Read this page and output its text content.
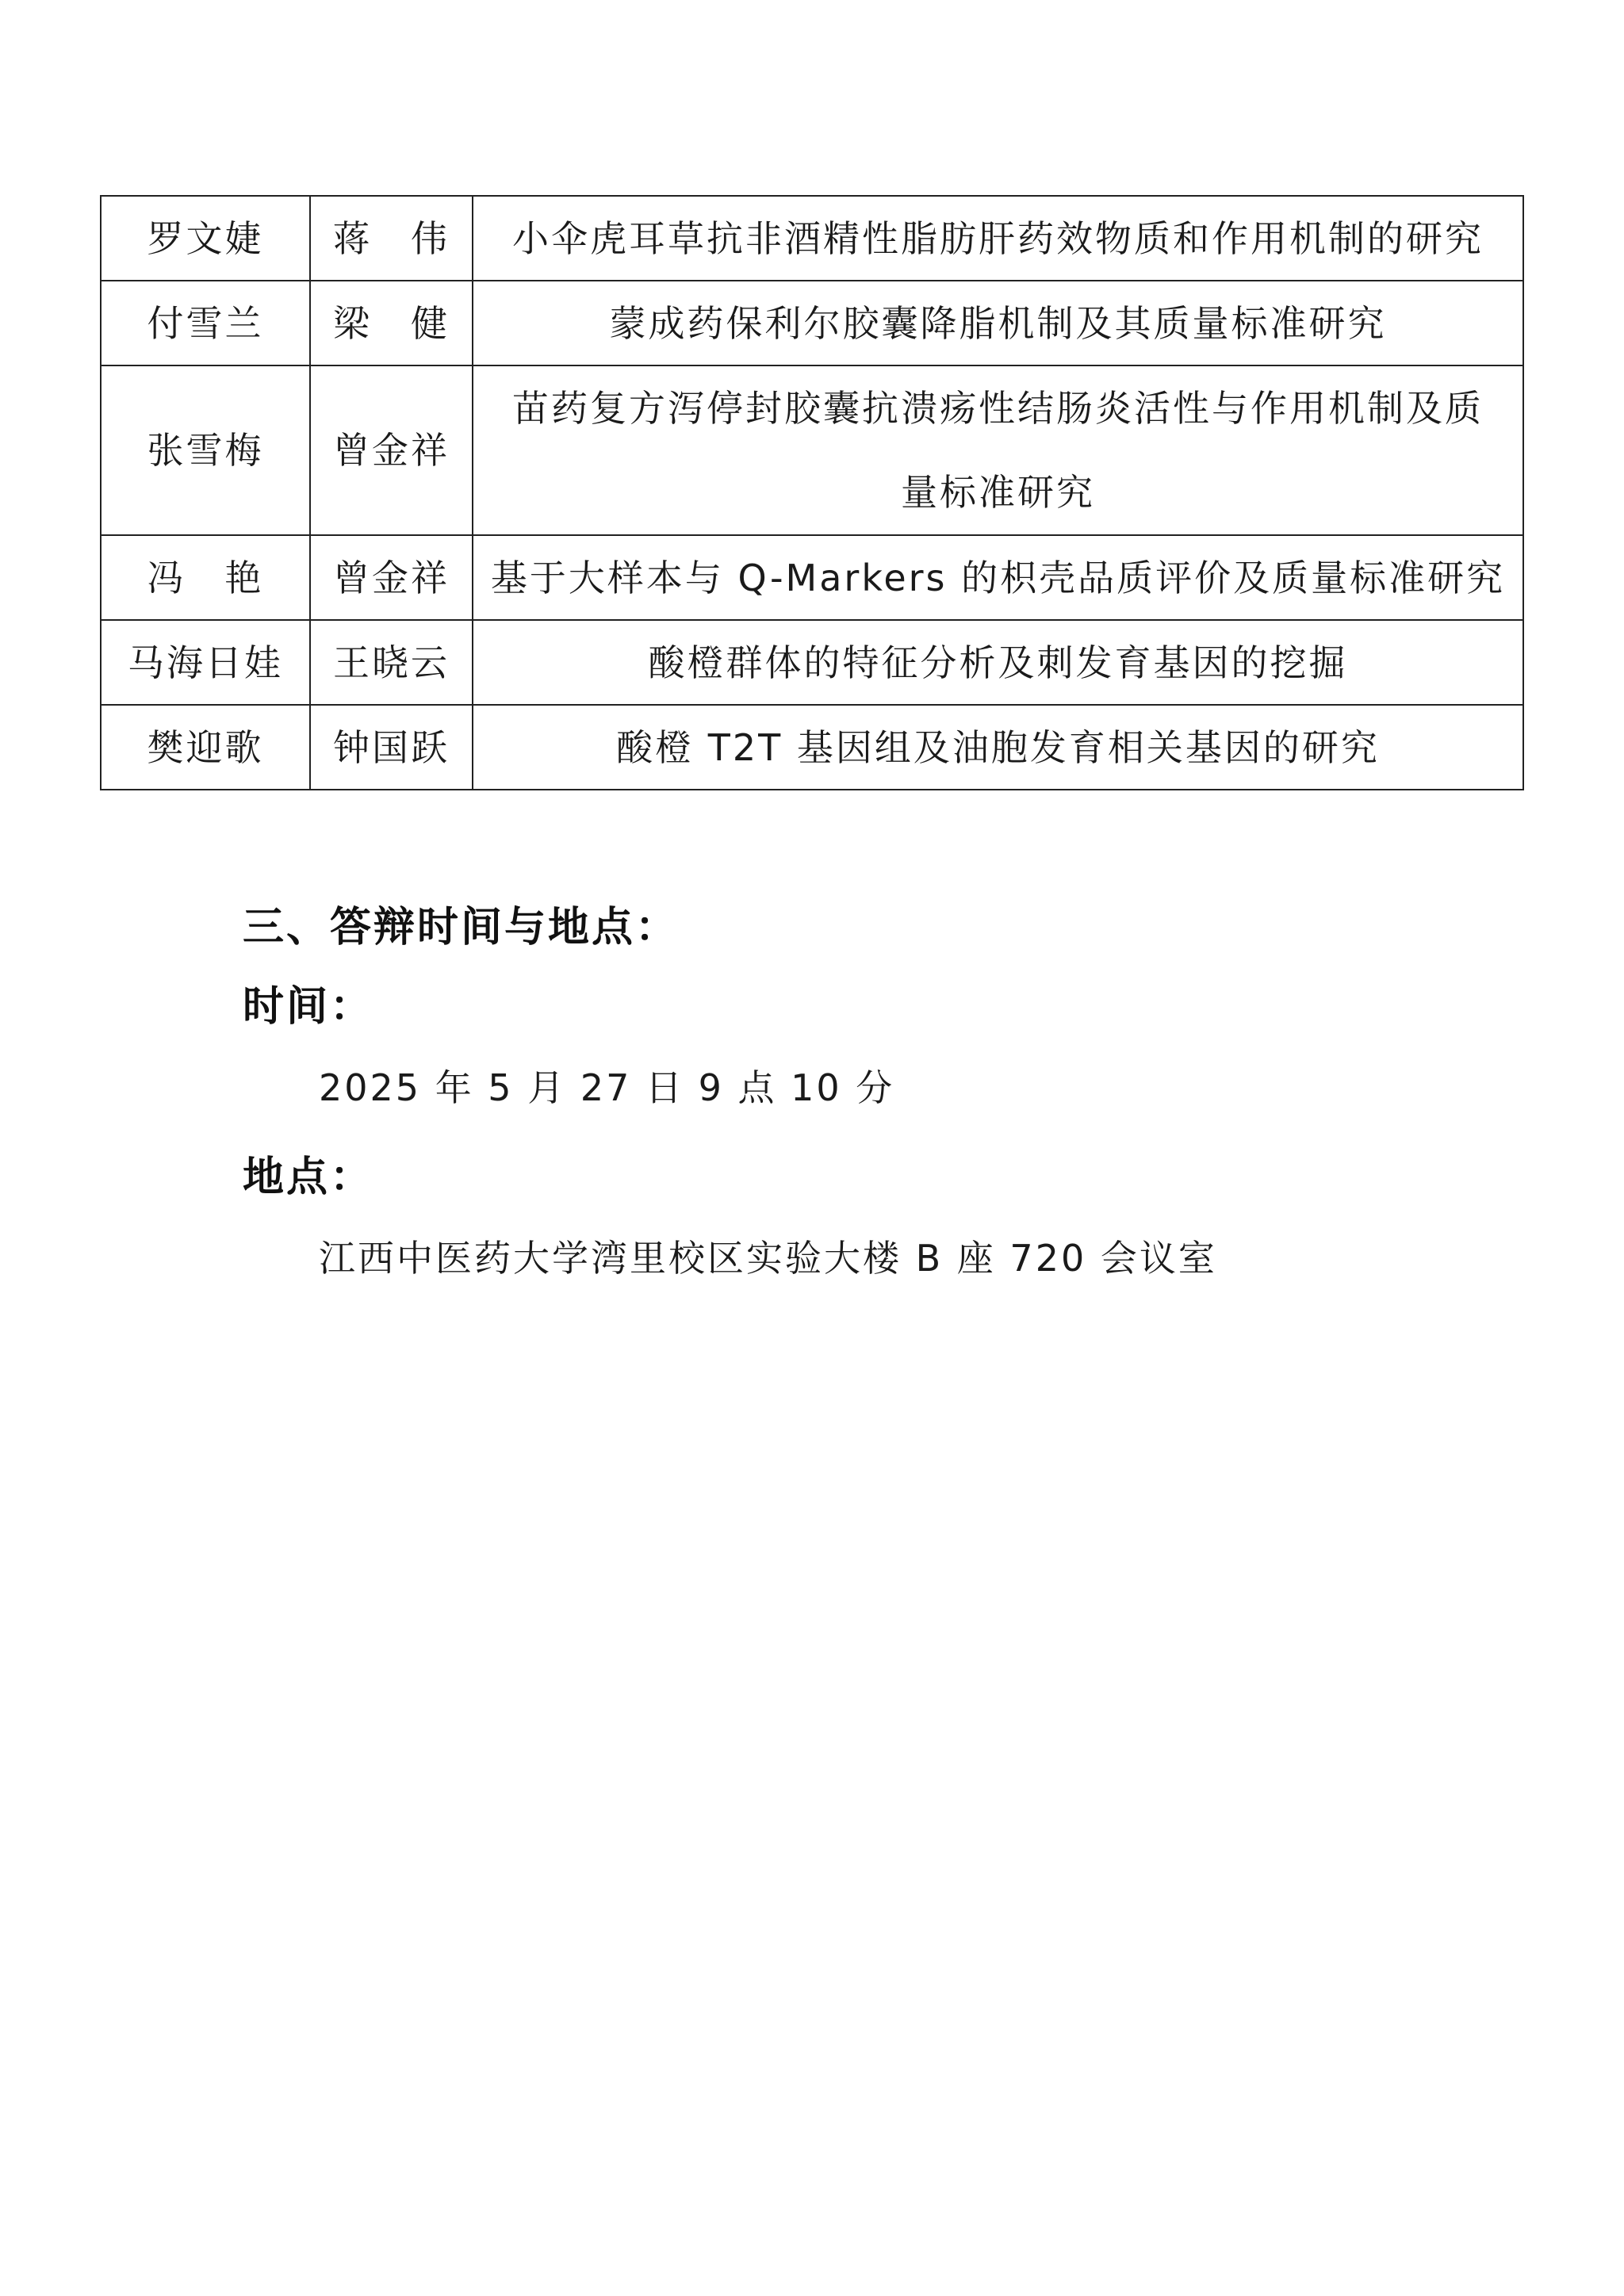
罗文婕	蒋　伟	小伞虎耳草抗非酒精性脂肪肝药效物质和作用机制的研究
付雪兰	梁　健	蒙成药保利尔胶囊降脂机制及其质量标准研究
张雪梅	曾金祥	苗药复方泻停封胶囊抗溃疡性结肠炎活性与作用机制及质量标准研究
冯　艳	曾金祥	基于大样本与 Q-Markers 的枳壳品质评价及质量标准研究
马海日娃	王晓云	酸橙群体的特征分析及刺发育基因的挖掘
樊迎歌	钟国跃	酸橙 T2T 基因组及油胞发育相关基因的研究
三、答辩时间与地点：
时间：
2025 年 5 月 27 日 9 点 10 分
地点：
江西中医药大学湾里校区实验大楼 B 座 720 会议室
